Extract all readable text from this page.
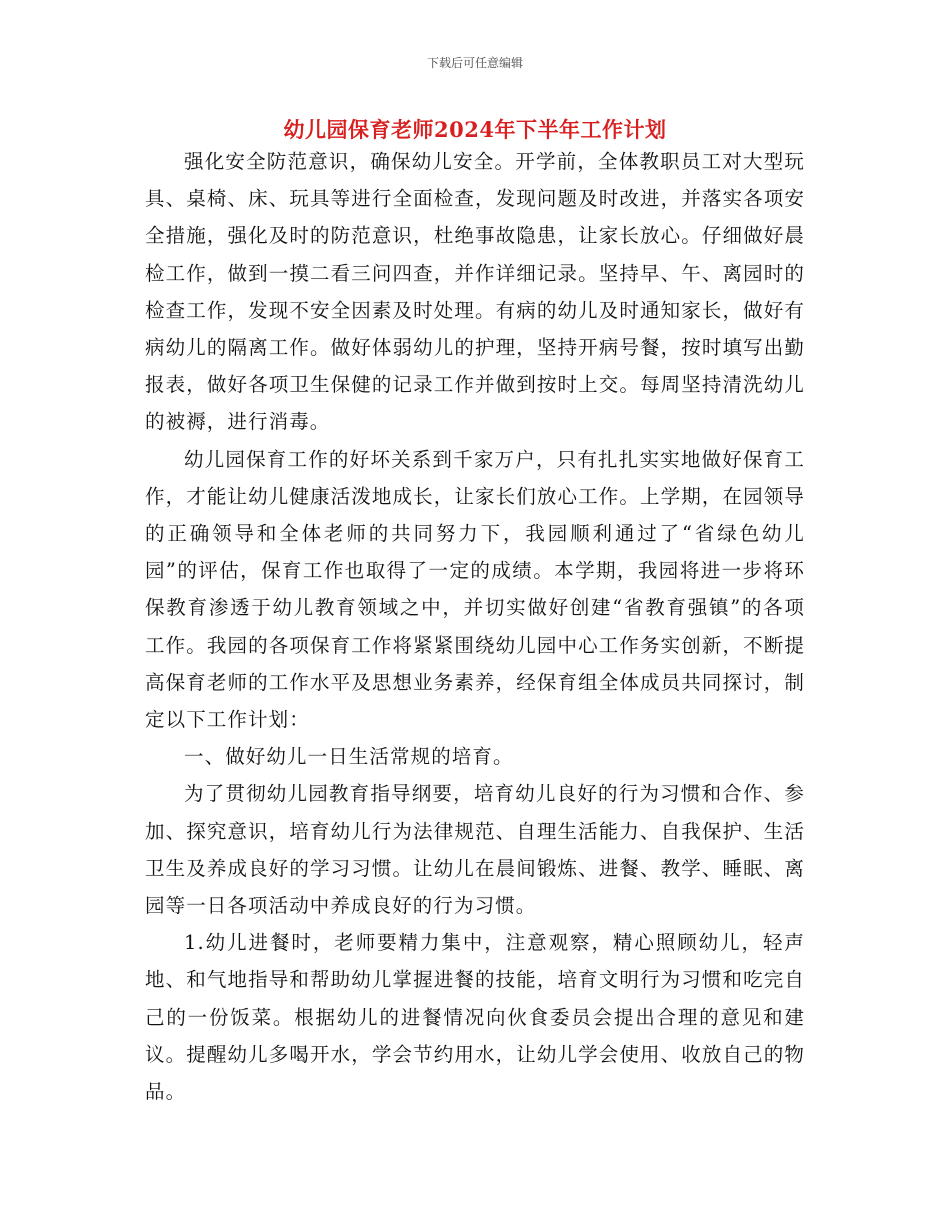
下载后可任意编辑
幼儿园保育老师2024年下半年工作计划

强化安全防范意识，确保幼儿安全。开学前，全体教职员工对大型玩具、桌椅、床、玩具等进行全面检查，发现问题及时改进，并落实各项安全措施，强化及时的防范意识，杜绝事故隐患，让家长放心。仔细做好晨检工作，做到一摸二看三问四查，并作详细记录。坚持早、午、离园时的检查工作，发现不安全因素及时处理。有病的幼儿及时通知家长，做好有病幼儿的隔离工作。做好体弱幼儿的护理，坚持开病号餐，按时填写出勤报表，做好各项卫生保健的记录工作并做到按时上交。每周坚持清洗幼儿的被褥，进行消毒。

幼儿园保育工作的好坏关系到千家万户，只有扎扎实实地做好保育工作，才能让幼儿健康活泼地成长，让家长们放心工作。上学期，在园领导的正确领导和全体老师的共同努力下，我园顺利通过了“省绿色幼儿园”的评估，保育工作也取得了一定的成绩。本学期，我园将进一步将环保教育渗透于幼儿教育领域之中，并切实做好创建“省教育强镇”的各项工作。我园的各项保育工作将紧紧围绕幼儿园中心工作务实创新，不断提高保育老师的工作水平及思想业务素养，经保育组全体成员共同探讨，制定以下工作计划：

一、做好幼儿一日生活常规的培育。

为了贯彻幼儿园教育指导纲要，培育幼儿良好的行为习惯和合作、参加、探究意识，培育幼儿行为法律规范、自理生活能力、自我保护、生活卫生及养成良好的学习习惯。让幼儿在晨间锻炼、进餐、教学、睡眠、离园等一日各项活动中养成良好的行为习惯。

1.幼儿进餐时，老师要精力集中，注意观察，精心照顾幼儿，轻声地、和气地指导和帮助幼儿掌握进餐的技能，培育文明行为习惯和吃完自己的一份饭菜。根据幼儿的进餐情况向伙食委员会提出合理的意见和建议。提醒幼儿多喝开水，学会节约用水，让幼儿学会使用、收放自己的物品。
